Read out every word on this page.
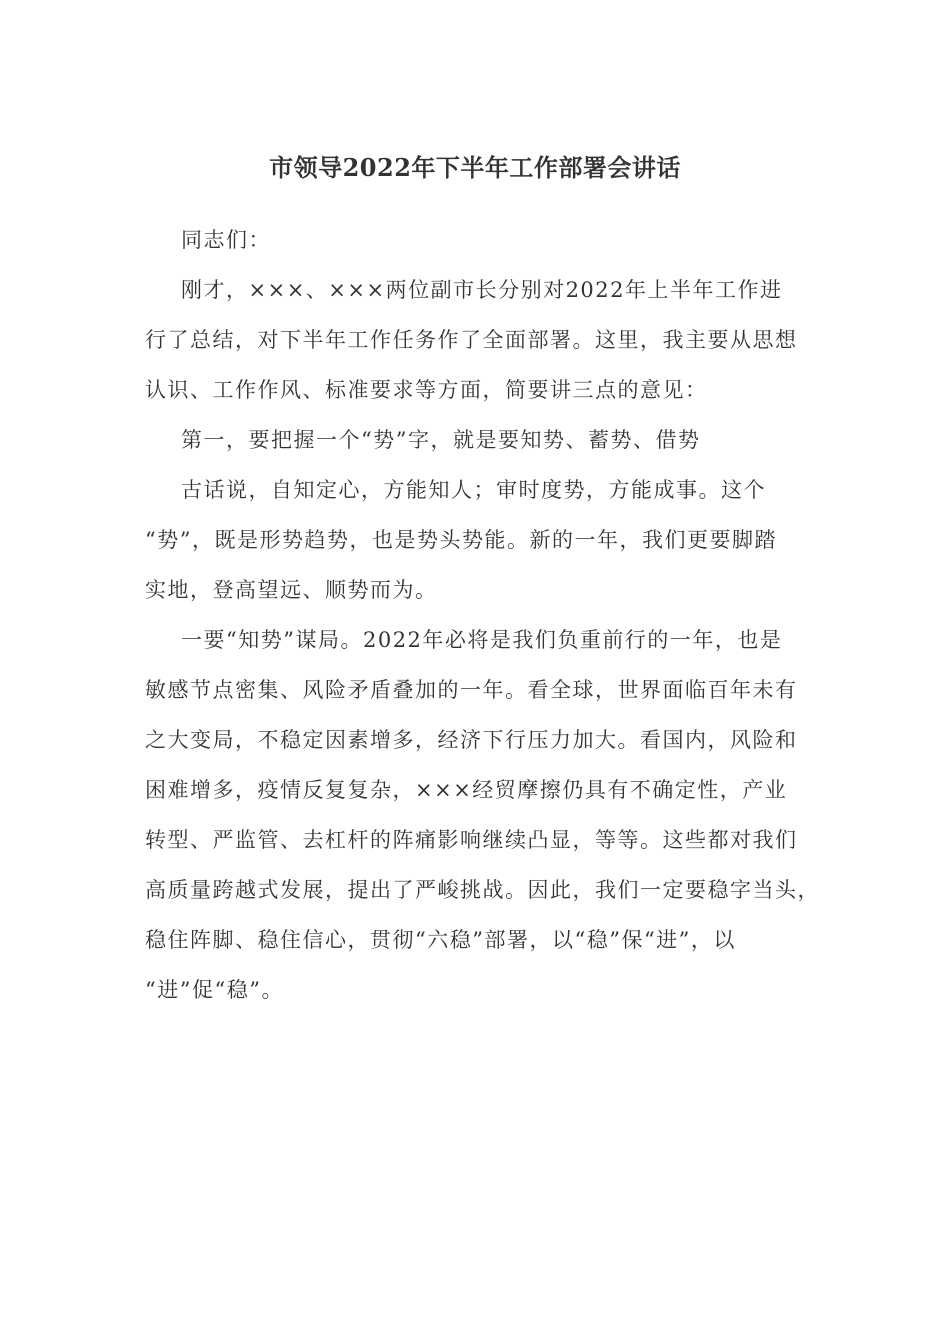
市领导2022年下半年工作部署会讲话

同志们：

刚才，×××、×××两位副市长分别对2022年上半年工作进
行了总结，对下半年工作任务作了全面部署。这里，我主要从思想
认识、工作作风、标准要求等方面，简要讲三点的意见：

第一，要把握一个“势”字，就是要知势、蓄势、借势

古话说，自知定心，方能知人；审时度势，方能成事。这个
“势”，既是形势趋势，也是势头势能。新的一年，我们更要脚踏
实地，登高望远、顺势而为。

一要“知势”谋局。2022年必将是我们负重前行的一年，也是
敏感节点密集、风险矛盾叠加的一年。看全球，世界面临百年未有
之大变局，不稳定因素增多，经济下行压力加大。看国内，风险和
困难增多，疫情反复复杂，×××经贸摩擦仍具有不确定性，产业
转型、严监管、去杠杆的阵痛影响继续凸显，等等。这些都对我们
高质量跨越式发展，提出了严峻挑战。因此，我们一定要稳字当头，
稳住阵脚、稳住信心，贯彻“六稳”部署，以“稳”保“进”，以
“进”促“稳”。
